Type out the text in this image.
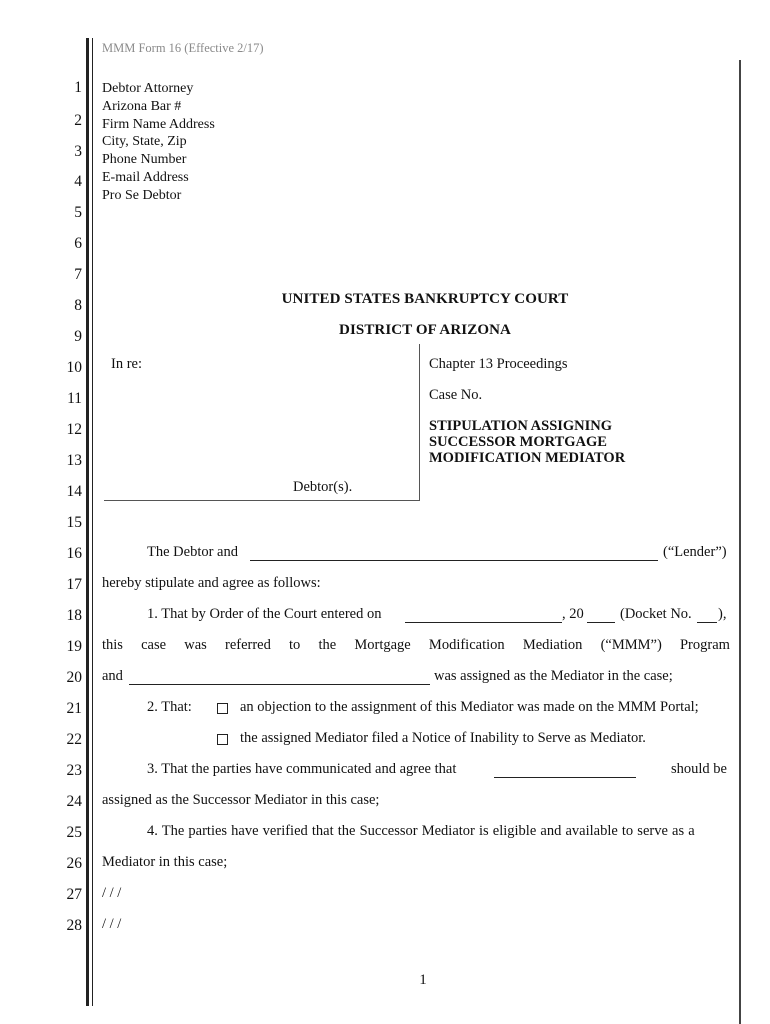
MMM Form 16 (Effective 2/17)
1
2
3
4
5
6
7
8
9
10
11
12
13
14
15
16
17
18
19
20
21
22
23
24
25
26
27
28
Debtor Attorney
Arizona Bar #
Firm Name Address
City, State, Zip
Phone Number
E-mail Address
Pro Se Debtor
UNITED STATES BANKRUPTCY COURT
DISTRICT OF ARIZONA
In re:
Debtor(s).
Chapter 13 Proceedings
Case No.
STIPULATION ASSIGNING
SUCCESSOR MORTGAGE
MODIFICATION MEDIATOR
The Debtor and	(“Lender”)
hereby stipulate and agree as follows:
1. That by Order of the Court entered on	, 20	(Docket No. ),
this case was referred to the Mortgage Modification Mediation (“MMM”) Program
and	was assigned as the Mediator in the case;
2. That:	an objection to the assignment of this Mediator was made on the MMM Portal;
the assigned Mediator filed a Notice of Inability to Serve as Mediator.
3. That the parties have communicated and agree that	should be
assigned as the Successor Mediator in this case;
4. The parties have verified that the Successor Mediator is eligible and available to serve as a
Mediator in this case;
/ / /
/ / /
1
